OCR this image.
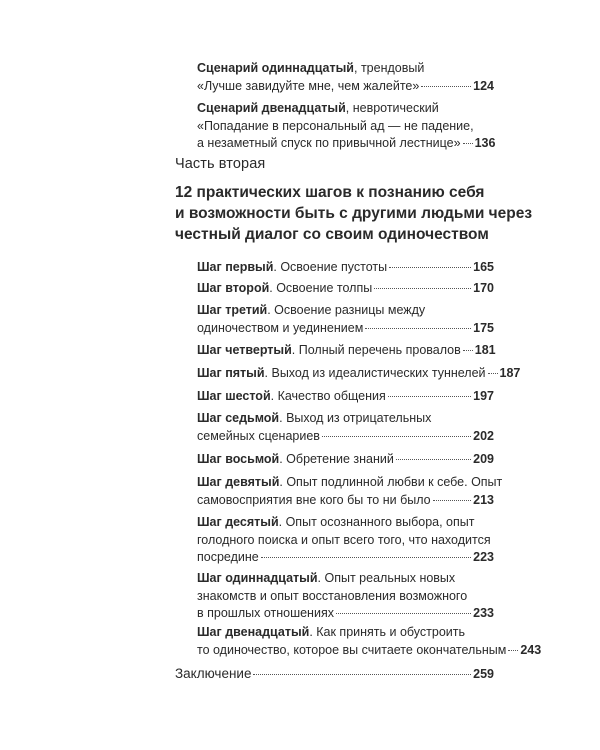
Сценарий одиннадцатый, трендовый
«Лучше завидуйте мне, чем жалейте»	124
Сценарий двенадцатый, невротический
«Попадание в персональный ад — не падение,
а незаметный спуск по привычной лестнице» 136
Часть вторая
12 практических шагов к познанию себя
и возможности быть с другими людьми через
честный диалог со своим одиночеством
Шаг первый . Освоение пустоты	165
Шаг второй . Освоение толпы	170
Шаг третий. Освоение разницы между
одиночеством и уединением	175
Шаг четвертый . Полный перечень провалов 181
Шаг пятый . Выход из идеалистических туннелей 187
Шаг шестой . Качество общения	197
Шаг седьмой. Выход из отрицательных
семейных сценариев	202
Шаг восьмой . Обретение знаний	209
Шаг девятый. Опыт подлинной любви к себе. Опыт
самовосприятия вне кого бы то ни было	213
Шаг десятый. Опыт осознанного выбора, опыт
голодного поиска и опыт всего того, что находится
посредине	223
Шаг одиннадцатый. Опыт реальных новых
знакомств и опыт восстановления возможного
в прошлых отношениях	233
Шаг двенадцатый. Как принять и обустроить
то одиночество, которое вы считаете окончательным 243
Заключение	259
